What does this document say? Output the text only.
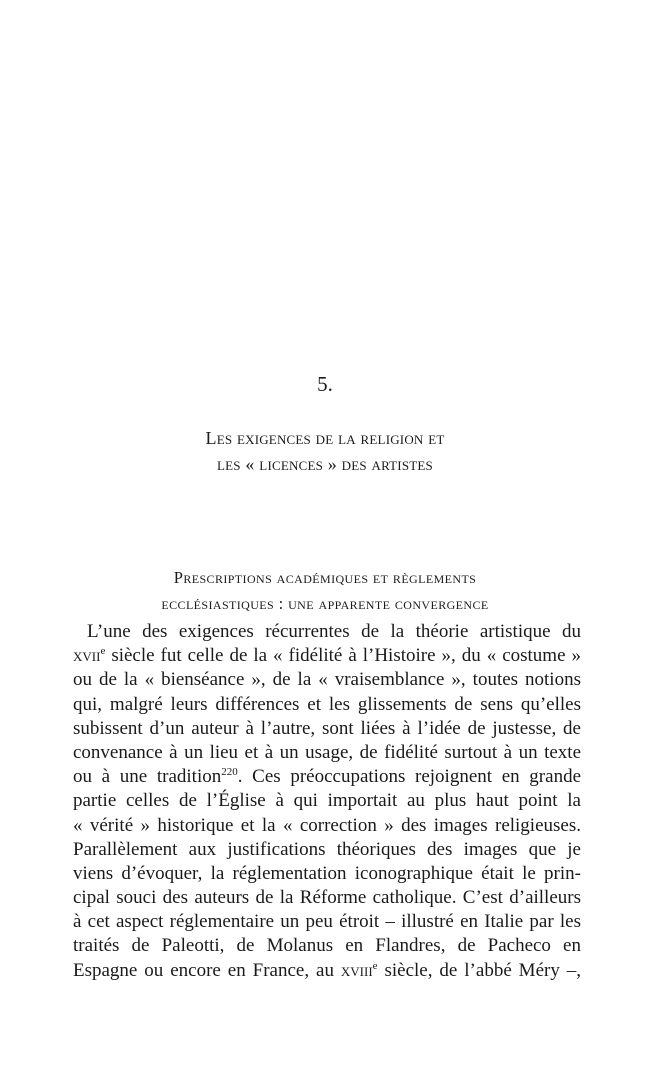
5.
Les exigences de la religion et
les « licences » des artistes
Prescriptions académiques et règlements
ecclésiastiques : une apparente convergence
L’une des exigences récurrentes de la théorie artistique du
xvii$^e$ siècle fut celle de la « fidélité à l’Histoire », du « costume »
ou de la « bienséance », de la « vraisemblance », toutes notions
qui, malgré leurs différences et les glissements de sens qu’elles
subissent d’un auteur à l’autre, sont liées à l’idée de justesse, de
convenance à un lieu et à un usage, de fidélité surtout à un texte
ou à une tradition$^{220}$. Ces préoccupations rejoignent en grande
partie celles de l’Église à qui importait au plus haut point la
« vérité » historique et la « correction » des images religieuses.
Parallèlement aux justifications théoriques des images que je
viens d’évoquer, la réglementation iconographique était le prin-
cipal souci des auteurs de la Réforme catholique. C’est d’ailleurs
à cet aspect réglementaire un peu étroit – illustré en Italie par les
traités de Paleotti, de Molanus en Flandres, de Pacheco en
Espagne ou encore en France, au xviii$^e$ siècle, de l’abbé Méry –,
